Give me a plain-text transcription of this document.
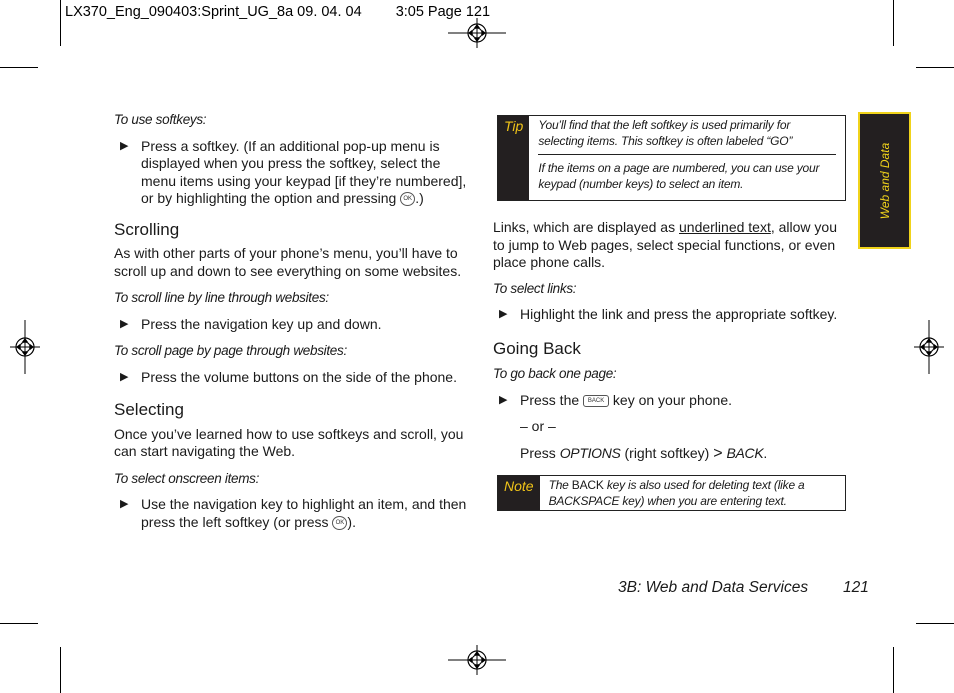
LX370_Eng_090403:Sprint_UG_8a 09. 04. 04 3:05 Page 121
To use softkeys:
▶ Press a softkey. (If an additional pop-up menu is displayed when you press the softkey, select the menu items using your keypad [if they’re numbered], or by highlighting the option and pressing OK .)
Scrolling
As with other parts of your phone’s menu, you’ll have to scroll up and down to see everything on some websites.
To scroll line by line through websites:
▶ Press the navigation key up and down.
To scroll page by page through websites:
▶ Press the volume buttons on the side of the phone.
Selecting
Once you’ve learned how to use softkeys and scroll, you can start navigating the Web.
To select onscreen items:
▶ Use the navigation key to highlight an item, and then press the left softkey (or press OK ).
Tip	You’ll find that the left softkey is used primarily for selecting items. This softkey is often labeled “GO”
If the items on a page are numbered, you can use your keypad (number keys) to select an item.
Links, which are displayed as underlined text, allow you to jump to Web pages, select special functions, or even place phone calls.
To select links:
▶ Highlight the link and press the appropriate softkey.
Going Back
To go back one page:
▶ Press the BACK key on your phone.
– or –
Press OPTIONS (right softkey) > BACK.
Note	The BACK key is also used for deleting text (like a BACKSPACE key) when you are entering text.
Web and Data
3B: Web and Data Services 121
